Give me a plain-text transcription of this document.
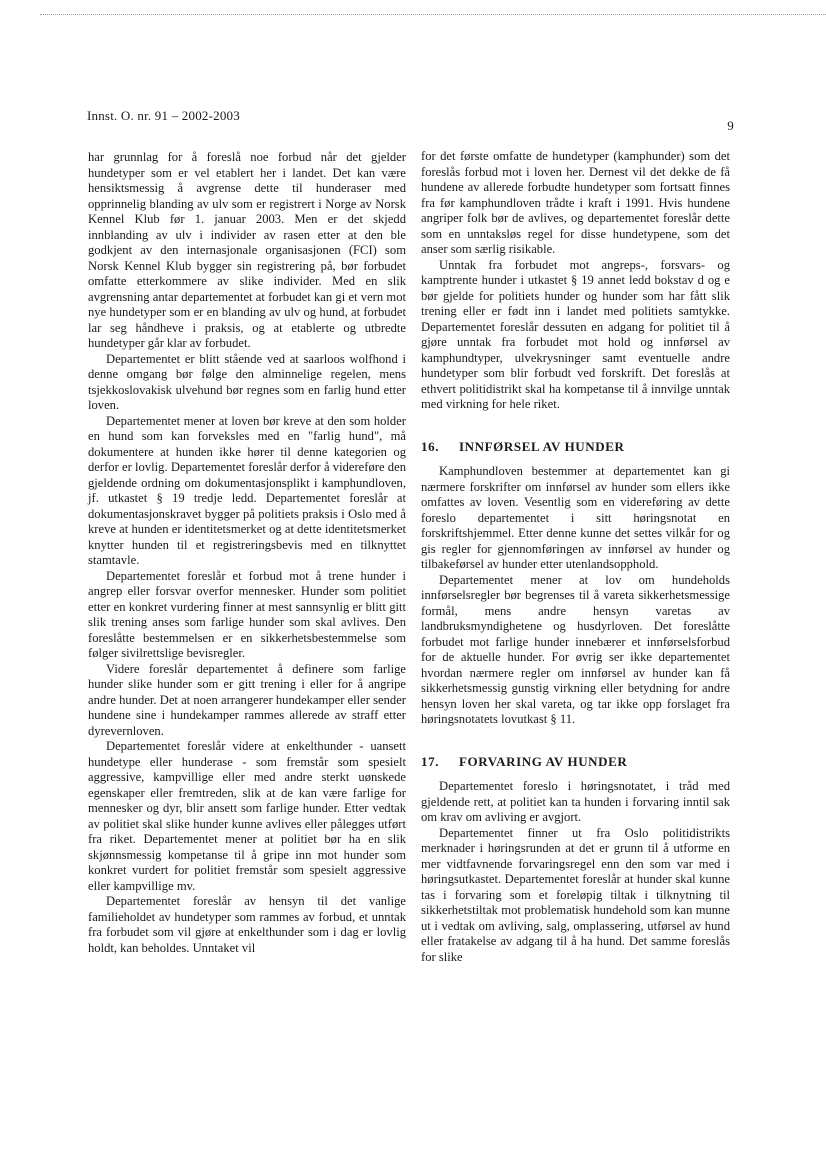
Innst. O. nr. 91 – 2002-2003
9

har grunnlag for å foreslå noe forbud når det gjelder hundetyper som er vel etablert her i landet. Det kan være hensiktsmessig å avgrense dette til hunderaser med opprinnelig blanding av ulv som er registrert i Norge av Norsk Kennel Klub før 1. januar 2003. Men er det skjedd innblanding av ulv i individer av rasen etter at den ble godkjent av den internasjonale organisasjonen (FCI) som Norsk Kennel Klub bygger sin registrering på, bør forbudet omfatte etterkommere av slike individer. Med en slik avgrensning antar departementet at forbudet kan gi et vern mot nye hundetyper som er en blanding av ulv og hund, at forbudet lar seg håndheve i praksis, og at etablerte og utbredte hundetyper går klar av forbudet.

Departementet er blitt stående ved at saarloos wolfhond i denne omgang bør følge den alminnelige regelen, mens tsjekkoslovakisk ulvehund bør regnes som en farlig hund etter loven.

Departementet mener at loven bør kreve at den som holder en hund som kan forveksles med en "farlig hund", må dokumentere at hunden ikke hører til denne kategorien og derfor er lovlig. Departementet foreslår derfor å videreføre den gjeldende ordning om dokumentasjonsplikt i kamphundloven, jf. utkastet § 19 tredje ledd. Departementet foreslår at dokumentasjonskravet bygger på politiets praksis i Oslo med å kreve at hunden er identitetsmerket og at dette identitetsmerket knytter hunden til et registreringsbevis med en tilknyttet stamtavle.

Departementet foreslår et forbud mot å trene hunder i angrep eller forsvar overfor mennesker. Hunder som politiet etter en konkret vurdering finner at mest sannsynlig er blitt gitt slik trening anses som farlige hunder som skal avlives. Den foreslåtte bestemmelsen er en sikkerhetsbestemmelse som følger sivilrettslige bevisregler.

Videre foreslår departementet å definere som farlige hunder slike hunder som er gitt trening i eller for å angripe andre hunder. Det at noen arrangerer hundekamper eller sender hundene sine i hundekamper rammes allerede av straff etter dyrevernloven.

Departementet foreslår videre at enkelthunder - uansett hundetype eller hunderase - som fremstår som spesielt aggressive, kampvillige eller med andre sterkt uønskede egenskaper eller fremtreden, slik at de kan være farlige for mennesker og dyr, blir ansett som farlige hunder. Etter vedtak av politiet skal slike hunder kunne avlives eller pålegges utført fra riket. Departementet mener at politiet bør ha en slik skjønnsmessig kompetanse til å gripe inn mot hunder som konkret vurdert for politiet fremstår som spesielt aggressive eller kampvillige mv.

Departementet foreslår av hensyn til det vanlige familieholdet av hundetyper som rammes av forbud, et unntak fra forbudet som vil gjøre at enkelthunder som i dag er lovlig holdt, kan beholdes. Unntaket vil

for det første omfatte de hundetyper (kamphunder) som det foreslås forbud mot i loven her. Dernest vil det dekke de få hundene av allerede forbudte hundetyper som fortsatt finnes fra før kamphundloven trådte i kraft i 1991. Hvis hundene angriper folk bør de avlives, og departementet foreslår dette som en unntaksløs regel for disse hundetypene, som det anser som særlig risikable.

Unntak fra forbudet mot angreps-, forsvars- og kamptrente hunder i utkastet § 19 annet ledd bokstav d og e bør gjelde for politiets hunder og hunder som har fått slik trening eller er født inn i landet med politiets samtykke. Departementet foreslår dessuten en adgang for politiet til å gjøre unntak fra forbudet mot hold og innførsel av kamphundtyper, ulvekrysninger samt eventuelle andre hundetyper som blir forbudt ved forskrift. Det foreslås at ethvert politidistrikt skal ha kompetanse til å innvilge unntak med virkning for hele riket.

16. INNFØRSEL AV HUNDER

Kamphundloven bestemmer at departementet kan gi nærmere forskrifter om innførsel av hunder som ellers ikke omfattes av loven. Vesentlig som en videreføring av dette foreslo departementet i sitt høringsnotat en forskriftshjemmel. Etter denne kunne det settes vilkår for og gis regler for gjennomføringen av innførsel av hunder og tilbakeførsel av hunder etter utenlandsopphold.

Departementet mener at lov om hundeholds innførselsregler bør begrenses til å vareta sikkerhetsmessige formål, mens andre hensyn varetas av landbruksmyndighetene og husdyrloven. Det foreslåtte forbudet mot farlige hunder innebærer et innførselsforbud for de aktuelle hunder. For øvrig ser ikke departementet hvordan nærmere regler om innførsel av hunder kan få sikkerhetsmessig gunstig virkning eller betydning for andre hensyn loven her skal vareta, og tar ikke opp forslaget fra høringsnotatets lovutkast § 11.

17. FORVARING AV HUNDER

Departementet foreslo i høringsnotatet, i tråd med gjeldende rett, at politiet kan ta hunden i forvaring inntil sak om krav om avliving er avgjort.

Departementet finner ut fra Oslo politidistrikts merknader i høringsrunden at det er grunn til å utforme en mer vidtfavnende forvaringsregel enn den som var med i høringsutkastet. Departementet foreslår at hunder skal kunne tas i forvaring som et foreløpig tiltak i tilknytning til sikkerhetstiltak mot problematisk hundehold som kan munne ut i vedtak om avliving, salg, omplassering, utførsel av hund eller fratakelse av adgang til å ha hund. Det samme foreslås for slike
